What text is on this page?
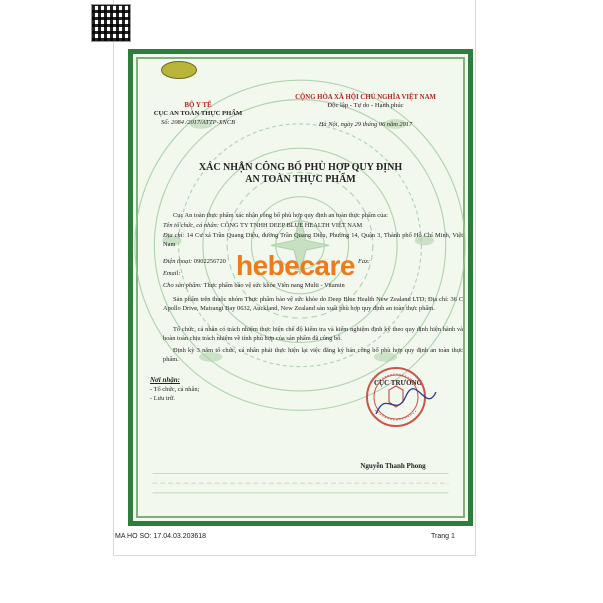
BỘ Y TẾ
CỤC AN TOÀN THỰC PHẨM
Số: 2084 /2017/ATTP-XNCB
CỘNG HÒA XÃ HỘI CHỦ NGHĨA VIỆT NAM
Độc lập - Tự do - Hạnh phúc
Hà Nội, ngày 29 tháng 06 năm 2017
XÁC NHẬN CÔNG BỐ PHÙ HỢP QUY ĐỊNH
AN TOÀN THỰC PHẨM
Cục An toàn thực phẩm xác nhận công bố phù hợp quy định an toàn thực phẩm của:
Tên tổ chức, cá nhân: CÔNG TY TNHH DEEP BLUE HEALTH VIỆT NAM
Địa chỉ: 14 Cư xá Trần Quang Diệu, đường Trần Quang Diệu, Phường 14, Quận 3, Thành phố Hồ Chí Minh, Việt Nam
Điện thoại: 0902256720	Fax:
Email:
Cho sản phẩm: Thực phẩm bảo vệ sức khỏe Viên nang Multi - Vitamin
Sản phẩm trên thuộc nhóm Thực phẩm bảo vệ sức khỏe do Deep Blue Health New Zealand LTD; Địa chỉ: 36 C Apollo Drive, Mairangi Bay 0632, Auckland, New Zealand sản xuất phù hợp quy định an toàn thực phẩm.
Tổ chức, cá nhân có trách nhiệm thực hiện chế độ kiểm tra và kiểm nghiệm định kỳ theo quy định hiện hành và hoàn toàn chịu trách nhiệm về tính phù hợp của sản phẩm đã công bố.
Định kỳ 3 năm tổ chức, cá nhân phải thực hiện lại việc đăng ký bản công bố phù hợp quy định an toàn thực phẩm.
Nơi nhận:
- Tổ chức, cá nhân;
- Lưu trữ.
CỤC TRƯỞNG
Nguyễn Thanh Phong
hebecare
MA HO SO: 17.04.03.203618	Trang 1
